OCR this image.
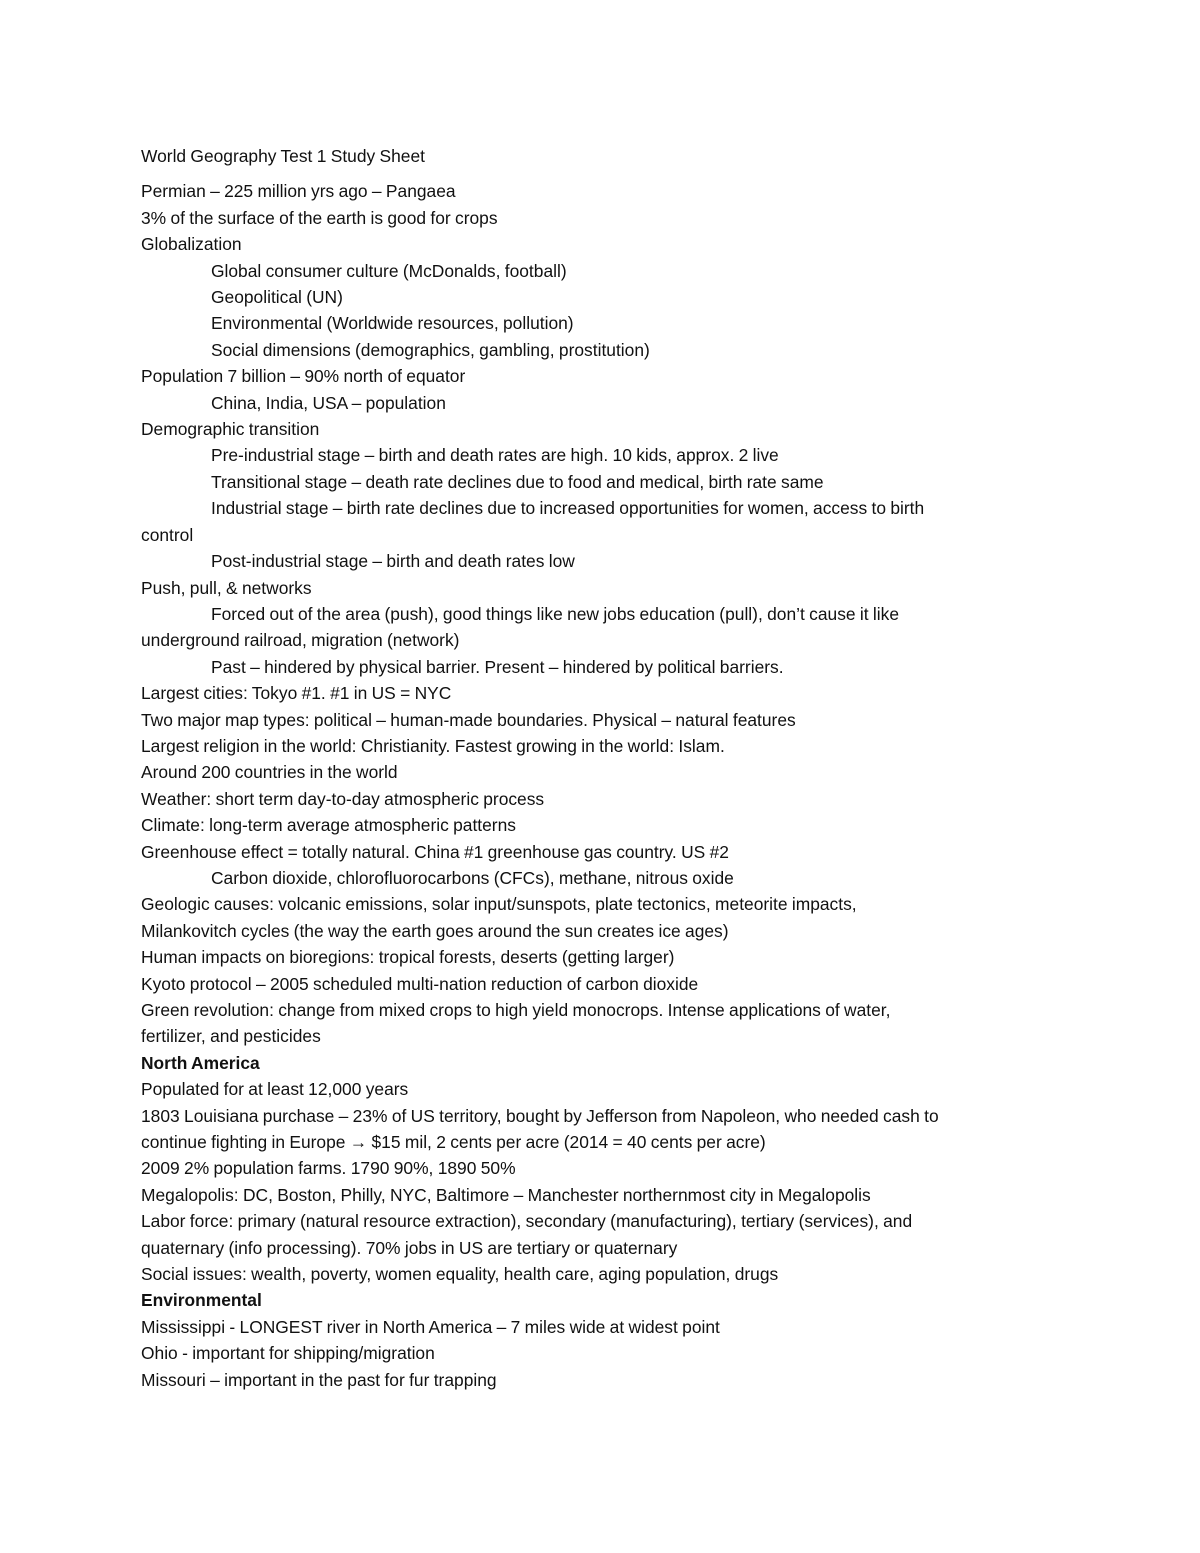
World Geography Test 1 Study Sheet

Permian – 225 million yrs ago – Pangaea

3% of the surface of the earth is good for crops

Globalization

Global consumer culture (McDonalds, football)

Geopolitical (UN)

Environmental (Worldwide resources, pollution)

Social dimensions (demographics, gambling, prostitution)

Population 7 billion – 90% north of equator

China, India, USA – population

Demographic transition

Pre-industrial stage – birth and death rates are high. 10 kids, approx. 2 live

Transitional stage – death rate declines due to food and medical, birth rate same

Industrial stage – birth rate declines due to increased opportunities for women, access to birth

control

Post-industrial stage – birth and death rates low

Push, pull, & networks

Forced out of the area (push), good things like new jobs education (pull), don’t cause it like

underground railroad, migration (network)

Past – hindered by physical barrier. Present – hindered by political barriers.

Largest cities: Tokyo #1. #1 in US = NYC

Two major map types: political – human-made boundaries. Physical – natural features

Largest religion in the world: Christianity. Fastest growing in the world: Islam.

Around 200 countries in the world

Weather: short term day-to-day atmospheric process

Climate: long-term average atmospheric patterns

Greenhouse effect = totally natural. China #1 greenhouse gas country. US #2

Carbon dioxide, chlorofluorocarbons (CFCs), methane, nitrous oxide

Geologic causes: volcanic emissions, solar input/sunspots, plate tectonics, meteorite impacts,

Milankovitch cycles (the way the earth goes around the sun creates ice ages)

Human impacts on bioregions: tropical forests, deserts (getting larger)

Kyoto protocol – 2005 scheduled multi-nation reduction of carbon dioxide

Green revolution: change from mixed crops to high yield monocrops. Intense applications of water,

fertilizer, and pesticides

North America

Populated for at least 12,000 years

1803 Louisiana purchase – 23% of US territory, bought by Jefferson from Napoleon, who needed cash to

continue fighting in Europe → $15 mil, 2 cents per acre (2014 = 40 cents per acre)

2009 2% population farms. 1790 90%, 1890 50%

Megalopolis: DC, Boston, Philly, NYC, Baltimore – Manchester northernmost city in Megalopolis

Labor force: primary (natural resource extraction), secondary (manufacturing), tertiary (services), and

quaternary (info processing). 70% jobs in US are tertiary or quaternary

Social issues: wealth, poverty, women equality, health care, aging population, drugs

Environmental

Mississippi - LONGEST river in North America – 7 miles wide at widest point

Ohio - important for shipping/migration

Missouri – important in the past for fur trapping
